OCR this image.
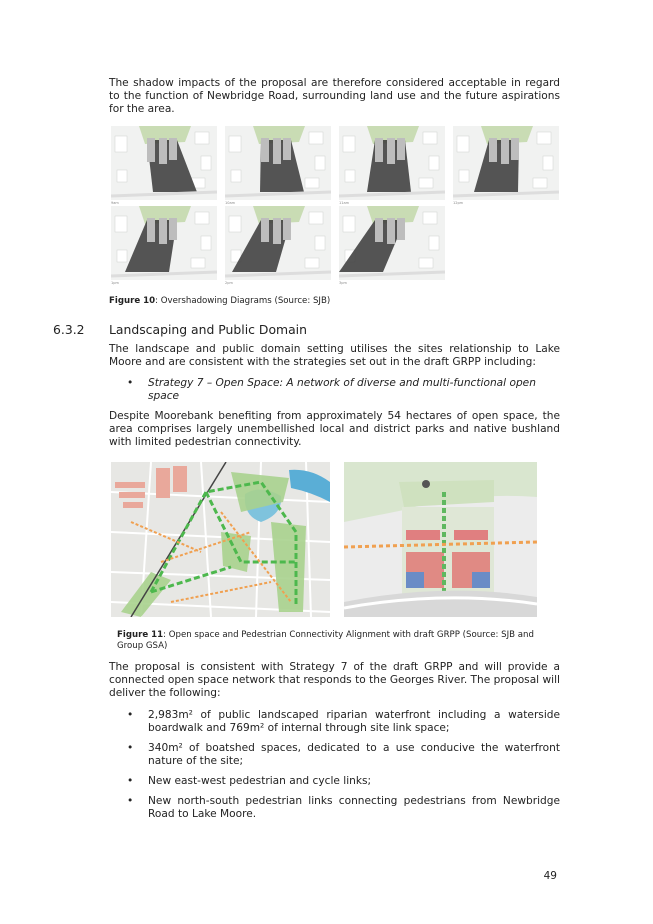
The shadow impacts of the proposal are therefore considered acceptable in regard to the function of Newbridge Road, surrounding land use and the future aspirations for the area.

9am	10am	11am	12pm
1pm	2pm	3pm
Figure 10: Overshadowing Diagrams (Source: SJB)
6.3.2 Landscaping and Public Domain

The landscape and public domain setting utilises the sites relationship to Lake Moore and are consistent with the strategies set out in the draft GRPP including:

• Strategy 7 – Open Space: A network of diverse and multi-functional open space

Despite Moorebank benefiting from approximately 54 hectares of open space, the area comprises largely unembellished local and district parks and native bushland with limited pedestrian connectivity.

Figure 11: Open space and Pedestrian Connectivity Alignment with draft GRPP (Source: SJB and Group GSA)

The proposal is consistent with Strategy 7 of the draft GRPP and will provide a connected open space network that responds to the Georges River. The proposal will deliver the following:

• 2,983m² of public landscaped riparian waterfront including a waterside boardwalk and 769m² of internal through site link space;
• 340m² of boatshed spaces, dedicated to a use conducive the waterfront nature of the site;
• New east-west pedestrian and cycle links;
• New north-south pedestrian links connecting pedestrians from Newbridge Road to Lake Moore.
49
